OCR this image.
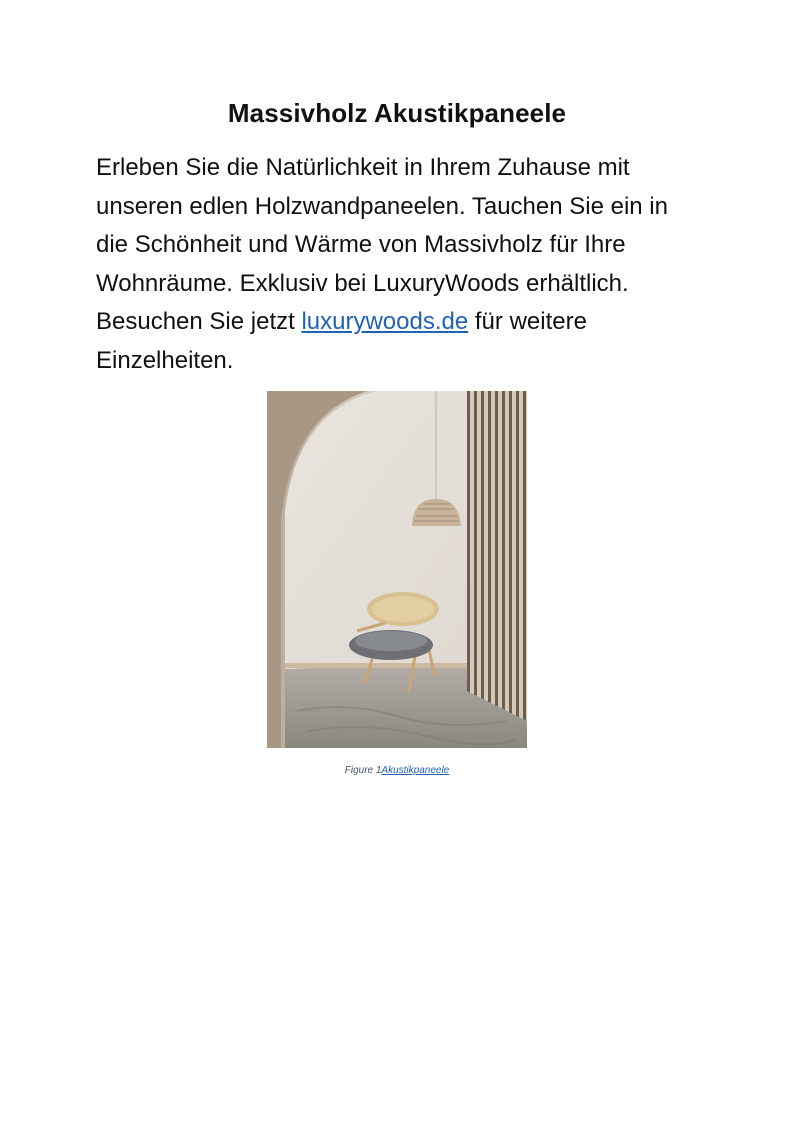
Massivholz Akustikpaneele

Erleben Sie die Natürlichkeit in Ihrem Zuhause mit unseren edlen Holzwandpaneelen. Tauchen Sie ein in die Schönheit und Wärme von Massivholz für Ihre Wohnräume. Exklusiv bei LuxuryWoods erhältlich. Besuchen Sie jetzt luxurywoods.de für weitere Einzelheiten.

Figure 1Akustikpaneele
